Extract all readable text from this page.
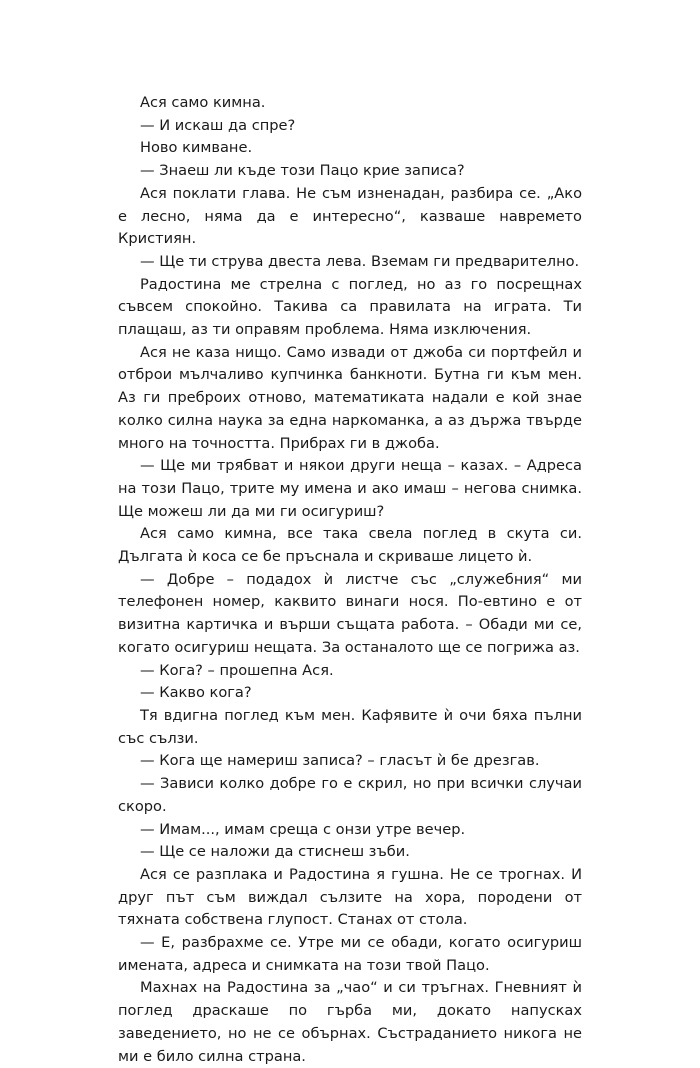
Ася само кимна.

— И искаш да спре?

Ново кимване.

— Знаеш ли къде този Пацо крие записа?

Ася поклати глава. Не съм изненадан, разбира се. „Ако е лесно, няма да е интересно“, казваше навремето Кристиян.

— Ще ти струва двеста лева. Вземам ги предварително.

Радостина ме стрелна с поглед, но аз го посрещнах съвсем спокойно. Такива са правилата на играта. Ти плащаш, аз ти оправям проблема. Няма изключения.

Ася не каза нищо. Само извади от джоба си портфейл и отброи мълчаливо купчинка банкноти. Бутна ги към мен. Аз ги преброих отново, математиката надали е кой знае колко силна наука за една наркоманка, а аз държа твърде много на точността. Прибрах ги в джоба.

— Ще ми трябват и някои други неща – казах. – Адреса на този Пацо, трите му имена и ако имаш – негова снимка. Ще можеш ли да ми ги осигуриш?

Ася само кимна, все така свела поглед в скута си. Дългата ѝ коса се бе пръснала и скриваше лицето ѝ.

— Добре – подадох ѝ листче със „служебния“ ми телефонен номер, каквито винаги нося. По-евтино е от визитна картичка и върши същата работа. – Обади ми се, когато осигуриш нещата. За останалото ще се погрижа аз.

— Кога? – прошепна Ася.

— Какво кога?

Тя вдигна поглед към мен. Кафявите ѝ очи бяха пълни със сълзи.

— Кога ще намериш записа? – гласът ѝ бе дрезгав.

— Зависи колко добре го е скрил, но при всички случаи скоро.

— Имам..., имам среща с онзи утре вечер.

— Ще се наложи да стиснеш зъби.

Ася се разплака и Радостина я гушна. Не се трогнах. И друг път съм виждал сълзите на хора, породени от тяхната собствена глупост. Станах от стола.

— Е, разбрахме се. Утре ми се обади, когато осигуриш имената, адреса и снимката на този твой Пацо.

Махнах на Радостина за „чао“ и си тръгнах. Гневният ѝ поглед драскаше по гърба ми, докато напусках заведението, но не се обърнах. Състраданието никога не ми е било силна страна.
